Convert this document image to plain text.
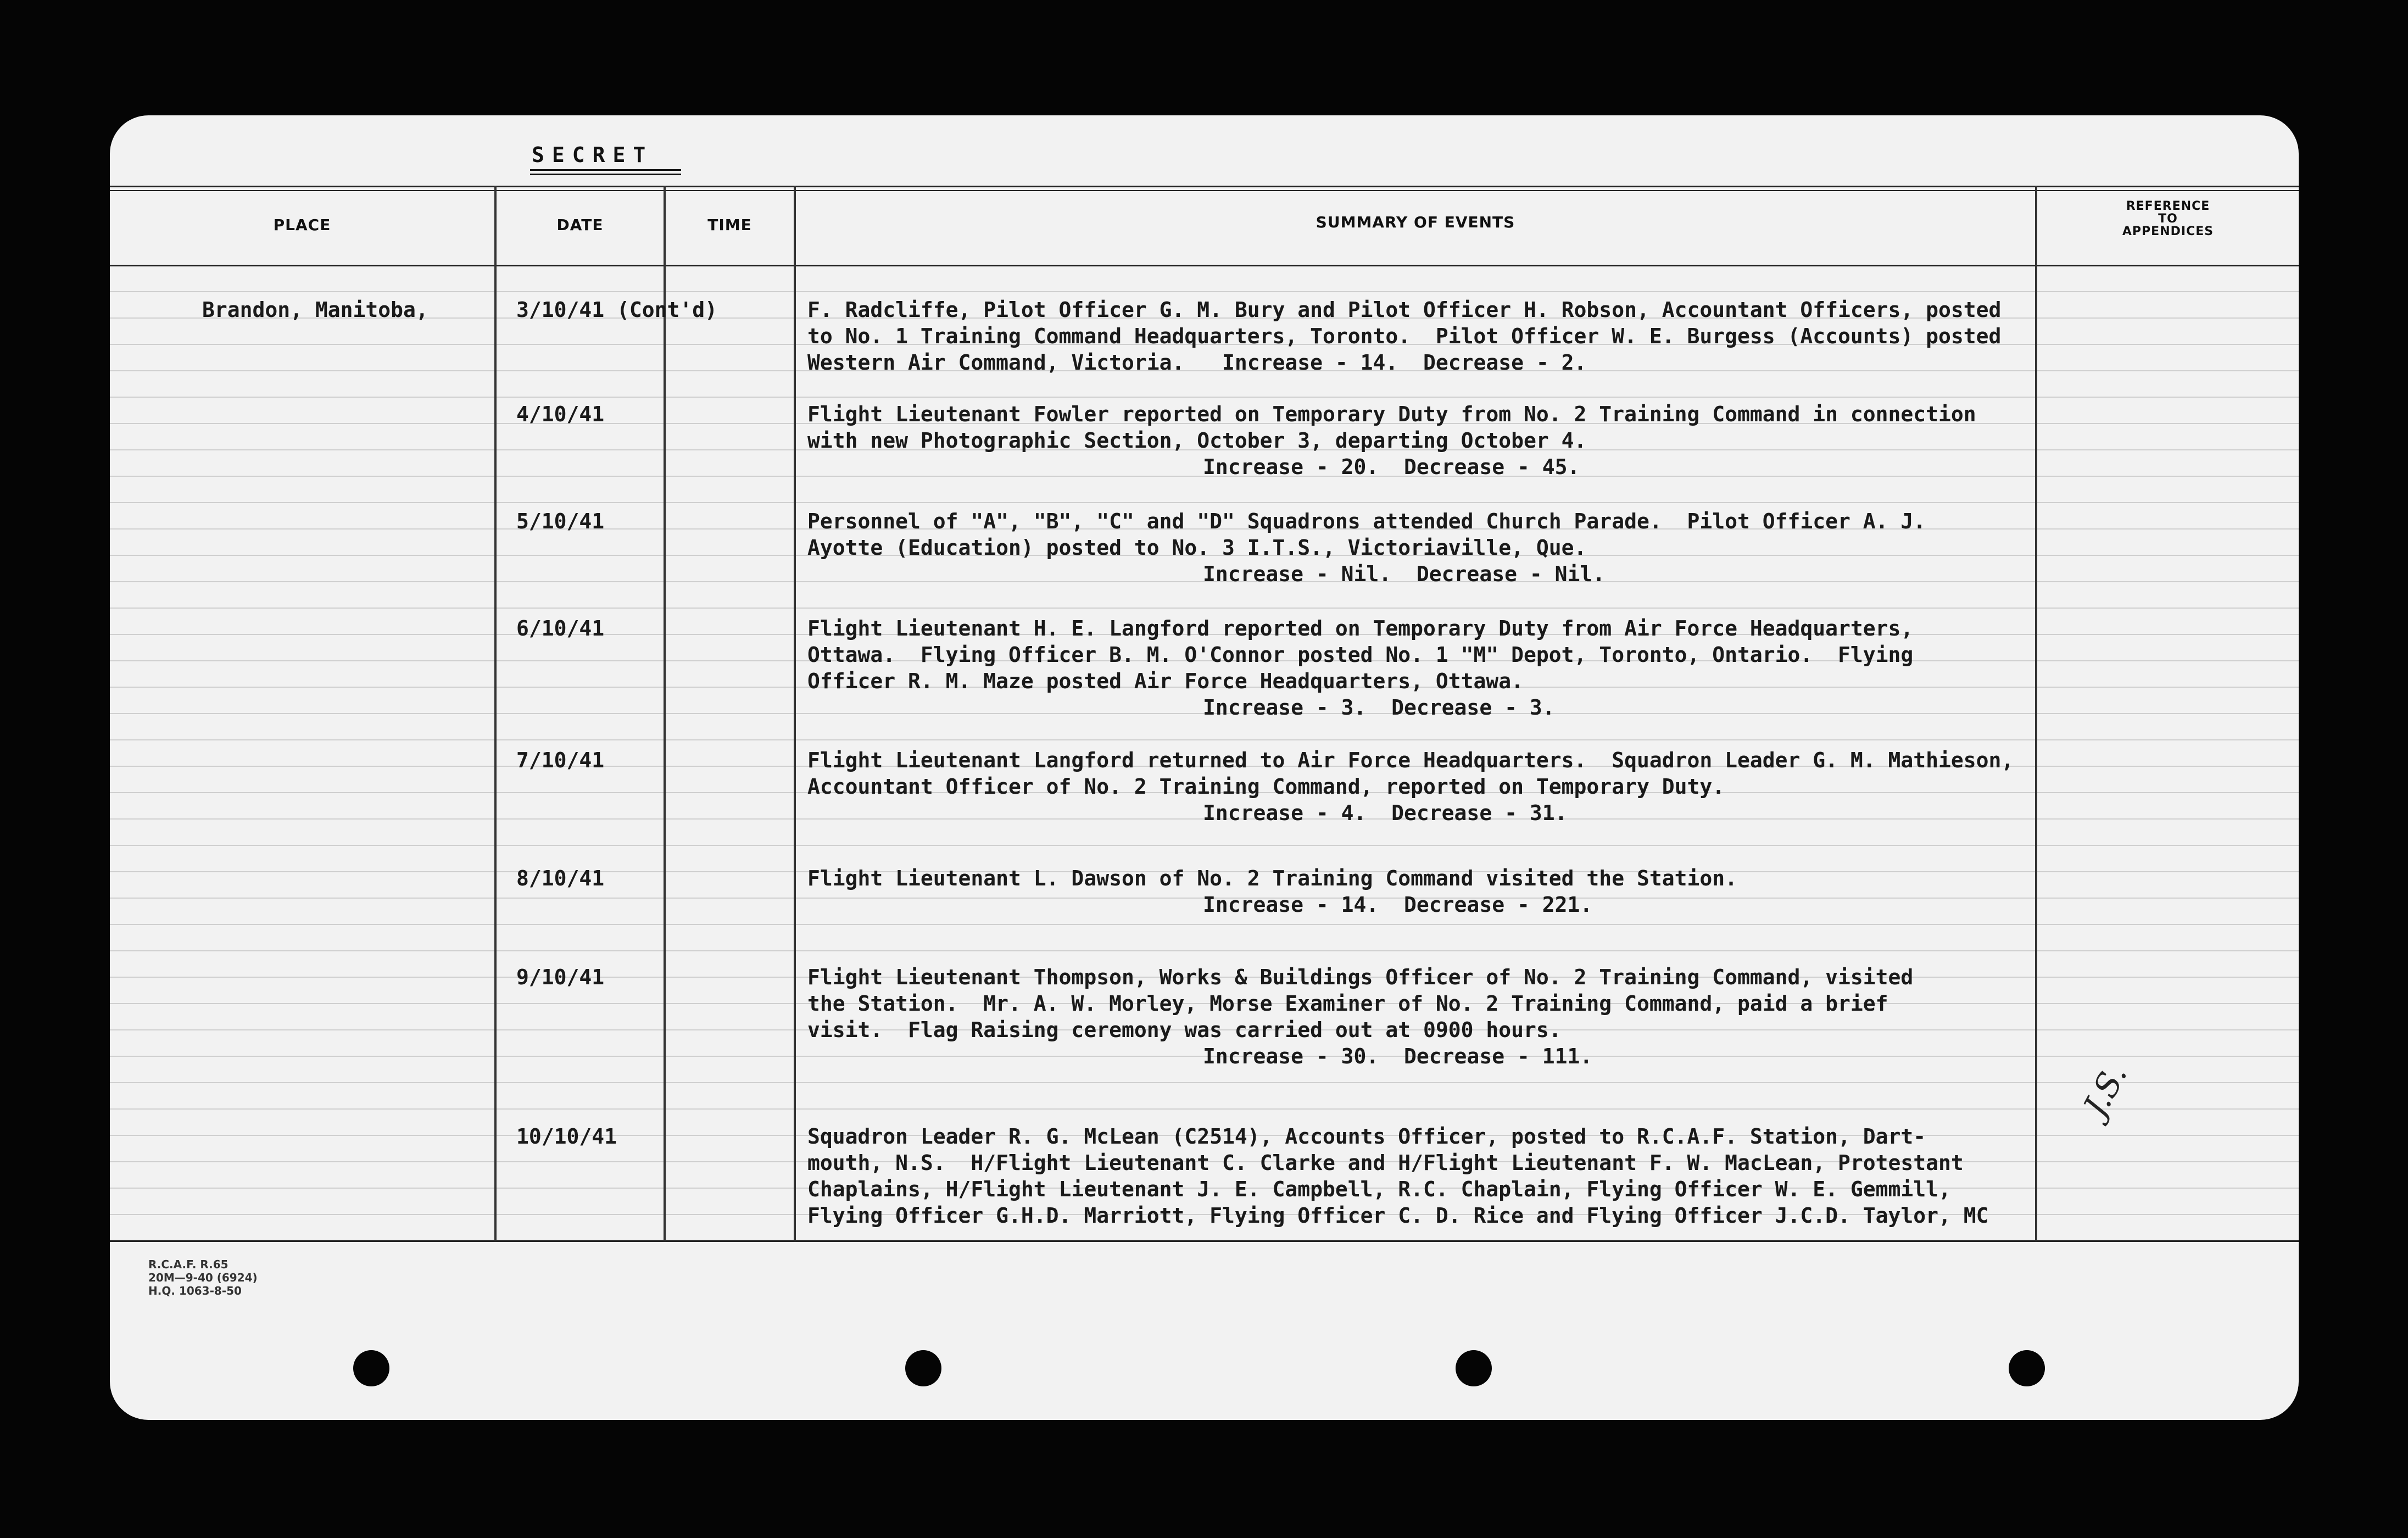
SECRET
PLACE	DATE	TIME	SUMMARY OF EVENTS
REFERENCE
TO
APPENDICES
Brandon, Manitoba,	3/10/41 (Cont'd)	F. Radcliffe, Pilot Officer G. M. Bury and Pilot Officer H. Robson, Accountant Officers, posted
to No. 1 Training Command Headquarters, Toronto.  Pilot Officer W. E. Burgess (Accounts) posted
Western Air Command, Victoria.   Increase - 14.  Decrease - 2.
4/10/41	Flight Lieutenant Fowler reported on Temporary Duty from No. 2 Training Command in connection
with new Photographic Section, October 3, departing October 4.
Increase - 20.  Decrease - 45.
5/10/41	Personnel of "A", "B", "C" and "D" Squadrons attended Church Parade.  Pilot Officer A. J.
Ayotte (Education) posted to No. 3 I.T.S., Victoriaville, Que.
Increase - Nil.  Decrease - Nil.
6/10/41	Flight Lieutenant H. E. Langford reported on Temporary Duty from Air Force Headquarters,
Ottawa.  Flying Officer B. M. O'Connor posted No. 1 "M" Depot, Toronto, Ontario.  Flying
Officer R. M. Maze posted Air Force Headquarters, Ottawa.
Increase - 3.  Decrease - 3.
7/10/41	Flight Lieutenant Langford returned to Air Force Headquarters.  Squadron Leader G. M. Mathieson,
Accountant Officer of No. 2 Training Command, reported on Temporary Duty.
Increase - 4.  Decrease - 31.
8/10/41	Flight Lieutenant L. Dawson of No. 2 Training Command visited the Station.
Increase - 14.  Decrease - 221.
9/10/41	Flight Lieutenant Thompson, Works & Buildings Officer of No. 2 Training Command, visited
the Station.  Mr. A. W. Morley, Morse Examiner of No. 2 Training Command, paid a brief
visit.  Flag Raising ceremony was carried out at 0900 hours.
Increase - 30.  Decrease - 111.
10/10/41	Squadron Leader R. G. McLean (C2514), Accounts Officer, posted to R.C.A.F. Station, Dart-
mouth, N.S.  H/Flight Lieutenant C. Clarke and H/Flight Lieutenant F. W. MacLean, Protestant
Chaplains, H/Flight Lieutenant J. E. Campbell, R.C. Chaplain, Flying Officer W. E. Gemmill,
Flying Officer G.H.D. Marriott, Flying Officer C. D. Rice and Flying Officer J.C.D. Taylor, MC
R.C.A.F. R.65
20M—9-40 (6924)
H.Q. 1063-8-50
J.S.
